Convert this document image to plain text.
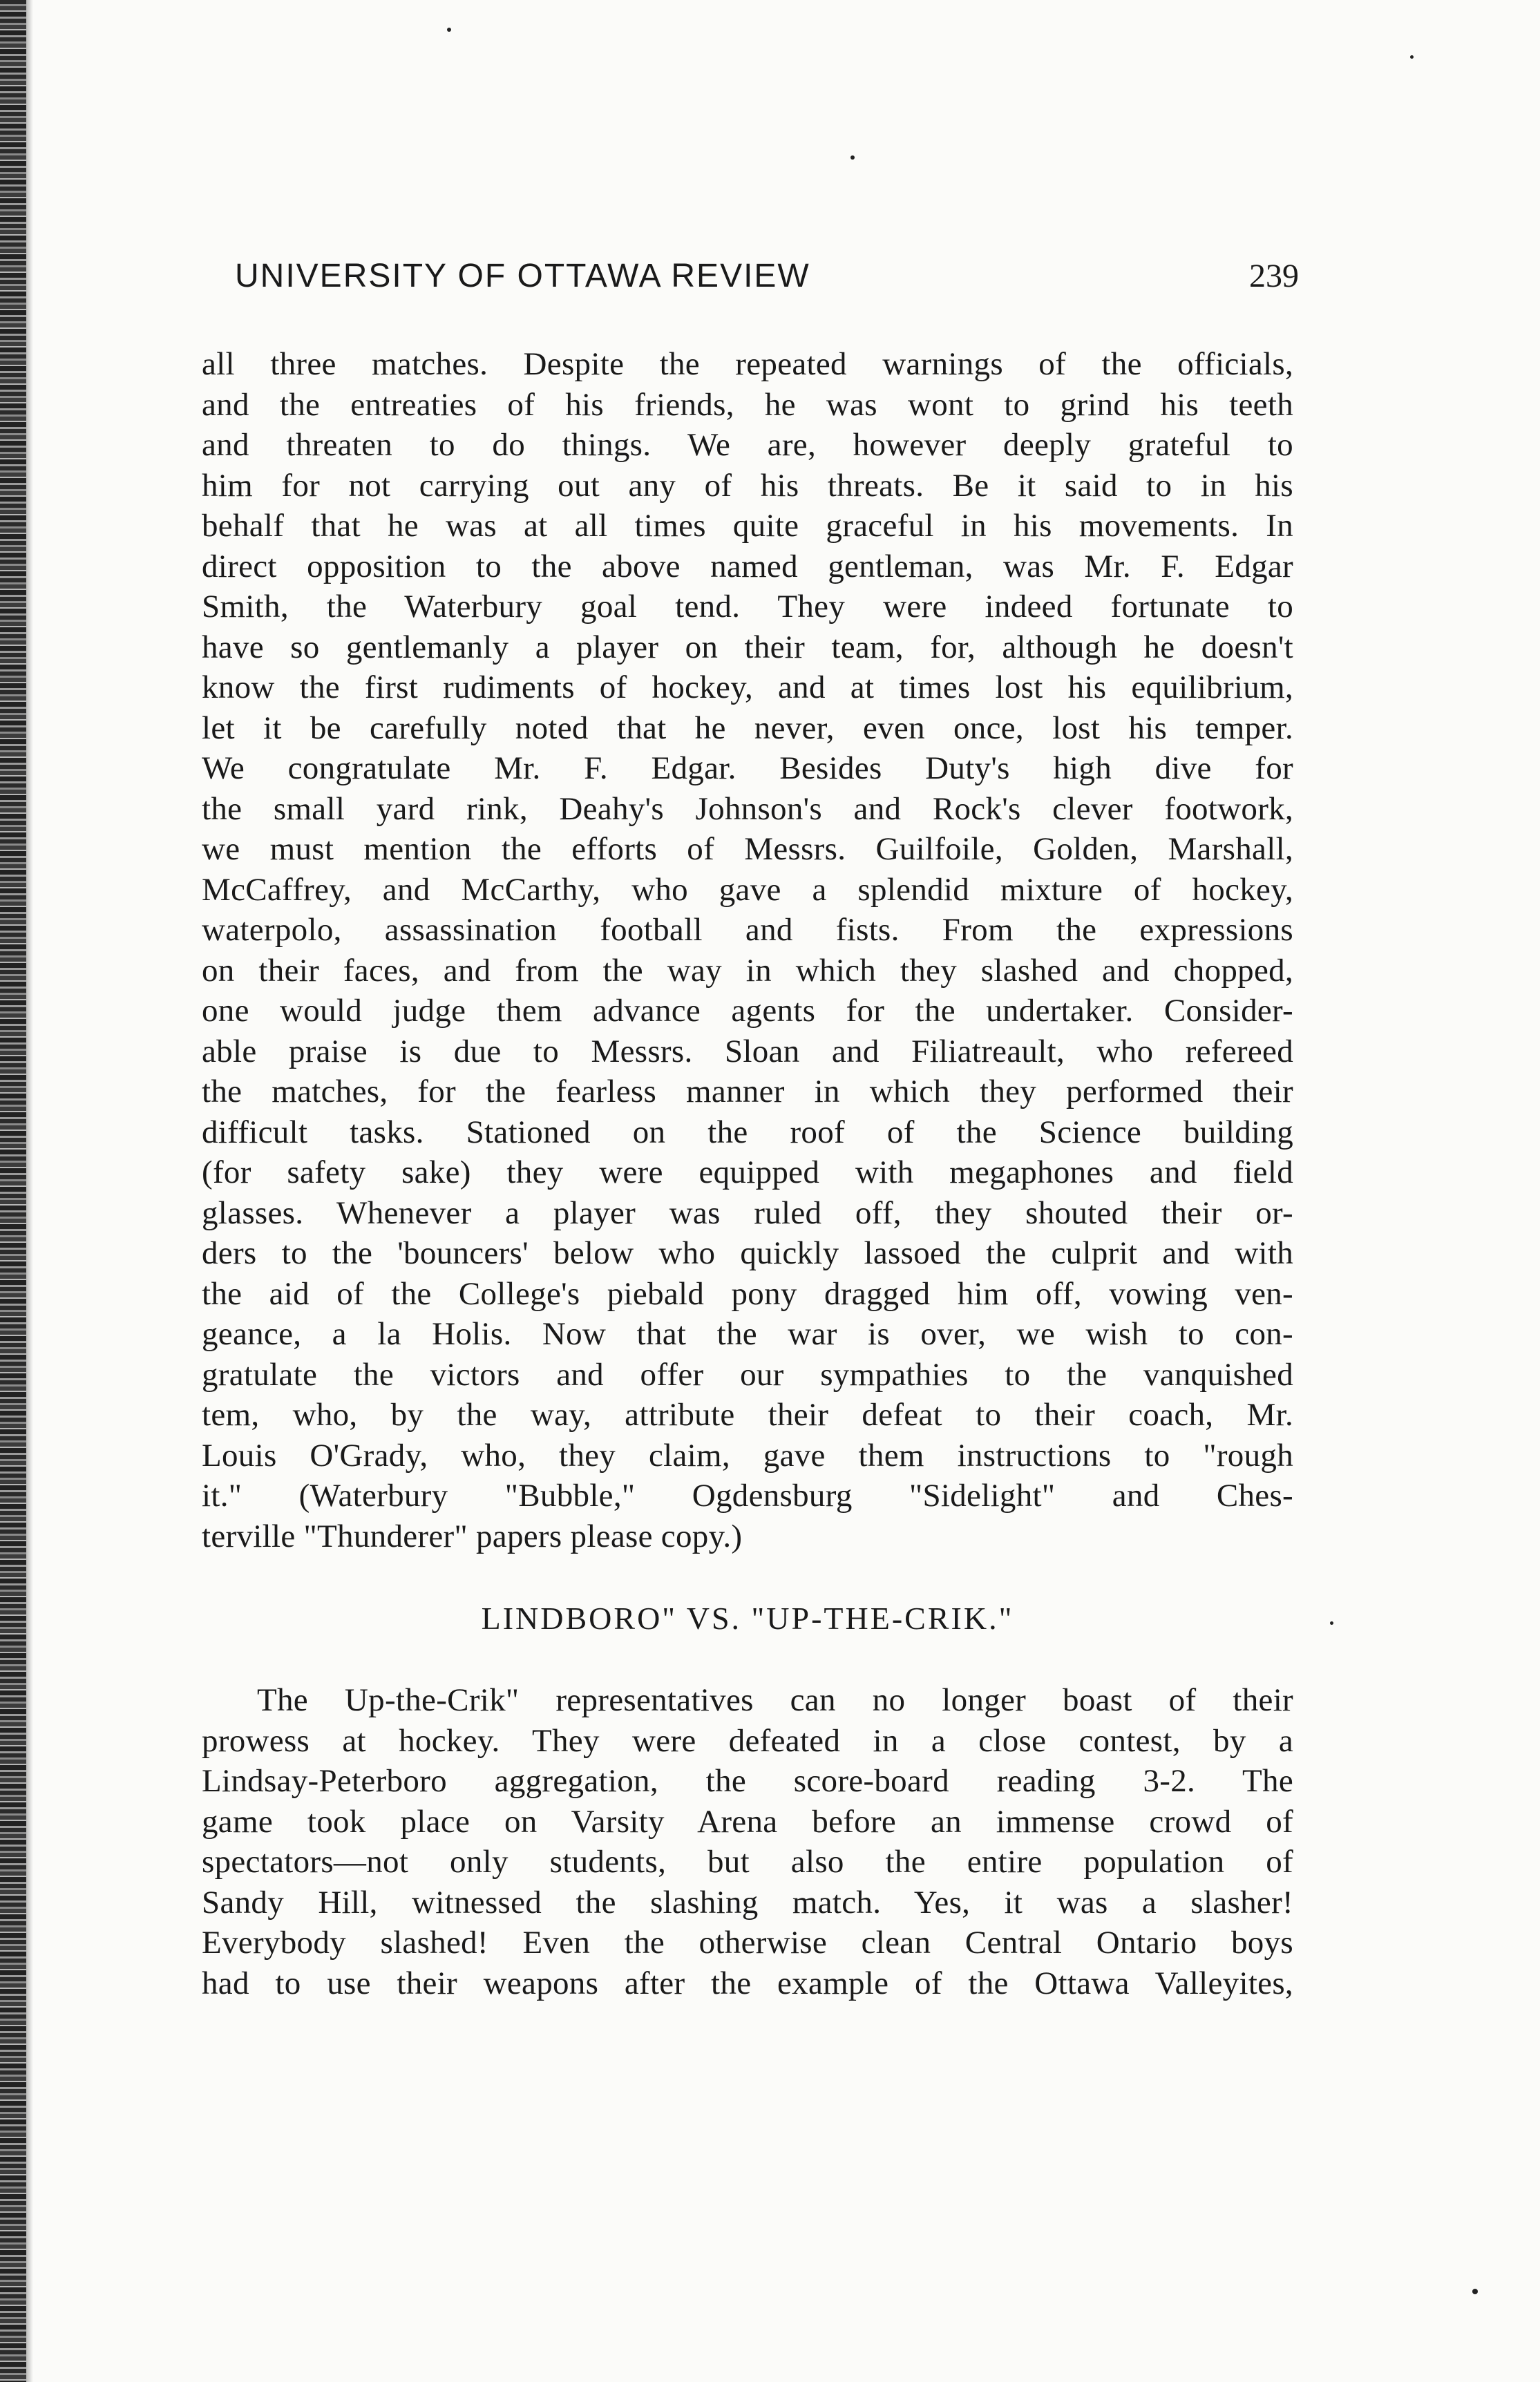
UNIVERSITY OF OTTAWA REVIEW	239
all three matches. Despite the repeated warnings of the officials,
and the entreaties of his friends, he was wont to grind his teeth
and threaten to do things. We are, however deeply grateful to
him for not carrying out any of his threats. Be it said to in his
behalf that he was at all times quite graceful in his movements. In
direct opposition to the above named gentleman, was Mr. F. Edgar
Smith, the Waterbury goal tend. They were indeed fortunate to
have so gentlemanly a player on their team, for, although he doesn't
know the first rudiments of hockey, and at times lost his equilibrium,
let it be carefully noted that he never, even once, lost his temper.
We congratulate Mr. F. Edgar. Besides Duty's high dive for
the small yard rink, Deahy's Johnson's and Rock's clever footwork,
we must mention the efforts of Messrs. Guilfoile, Golden, Marshall,
McCaffrey, and McCarthy, who gave a splendid mixture of hockey,
waterpolo, assassination football and fists. From the expressions
on their faces, and from the way in which they slashed and chopped,
one would judge them advance agents for the undertaker. Consider-
able praise is due to Messrs. Sloan and Filiatreault, who refereed
the matches, for the fearless manner in which they performed their
difficult tasks. Stationed on the roof of the Science building
(for safety sake) they were equipped with megaphones and field
glasses. Whenever a player was ruled off, they shouted their or-
ders to the 'bouncers' below who quickly lassoed the culprit and with
the aid of the College's piebald pony dragged him off, vowing ven-
geance, a la Holis. Now that the war is over, we wish to con-
gratulate the victors and offer our sympathies to the vanquished
tem, who, by the way, attribute their defeat to their coach, Mr.
Louis O'Grady, who, they claim, gave them instructions to "rough
it." (Waterbury "Bubble," Ogdensburg "Sidelight" and Ches-
terville "Thunderer" papers please copy.)
LINDBORO" VS. "UP-THE-CRIK."
The Up-the-Crik" representatives can no longer boast of their
prowess at hockey. They were defeated in a close contest, by a
Lindsay-Peterboro aggregation, the score-board reading 3-2. The
game took place on Varsity Arena before an immense crowd of
spectators—not only students, but also the entire population of
Sandy Hill, witnessed the slashing match. Yes, it was a slasher!
Everybody slashed! Even the otherwise clean Central Ontario boys
had to use their weapons after the example of the Ottawa Valleyites,
